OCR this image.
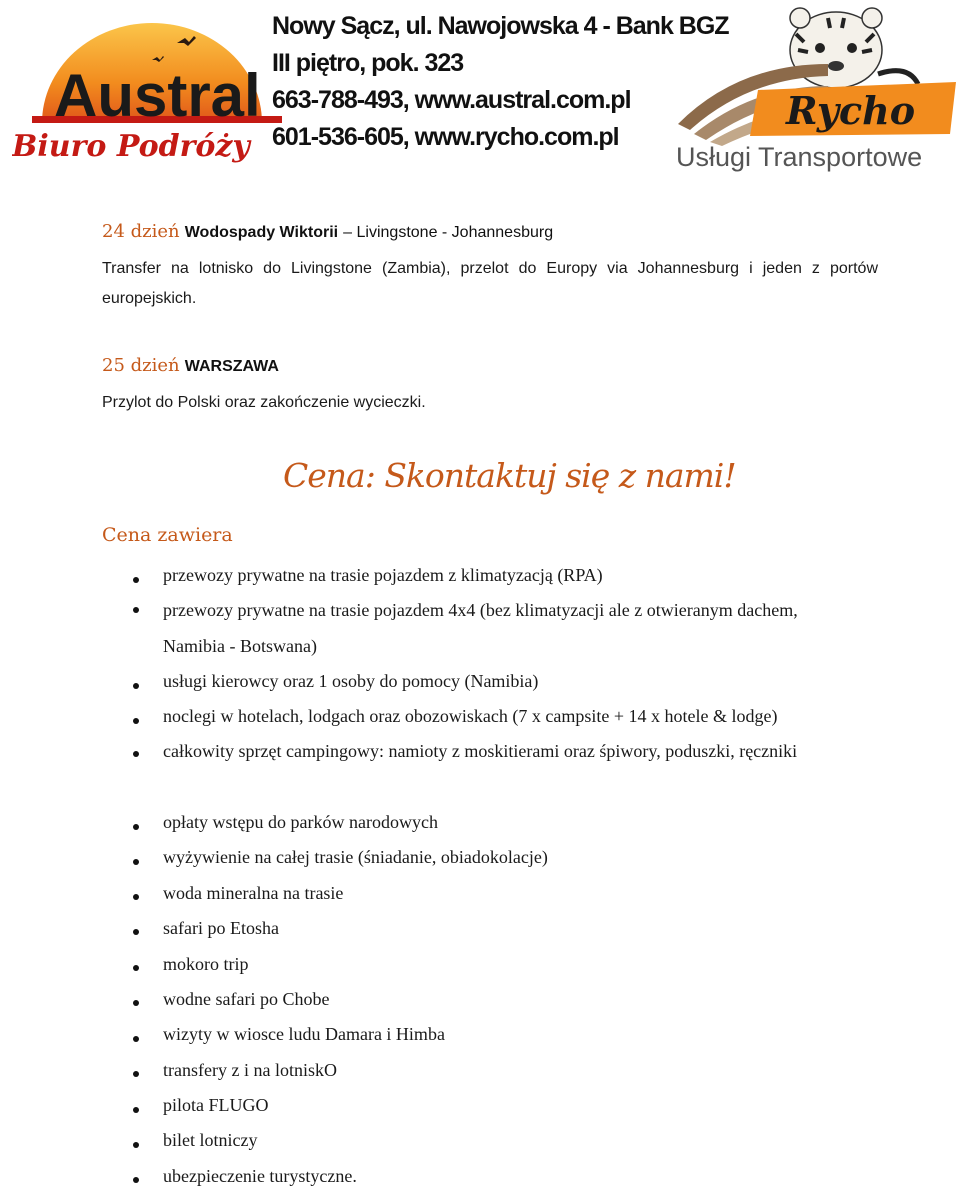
Austral
Biuro Podróży
Nowy Sącz, ul. Nawojowska 4 - Bank BGZ
III piętro, pok. 323
663-788-493, www.austral.com.pl
601-536-605, www.rycho.com.pl
Rycho
Usługi Transportowe
24 dzień Wodospady Wiktorii – Livingstone - Johannesburg
Transfer na lotnisko do Livingstone (Zambia), przelot do Europy via Johannesburg i jeden z portów europejskich.
25 dzień WARSZAWA
Przylot do Polski oraz zakończenie wycieczki.
Cena: Skontaktuj się z nami!
Cena zawiera
przewozy prywatne na trasie pojazdem z klimatyzacją (RPA)
przewozy prywatne na trasie pojazdem 4x4 (bez klimatyzacji ale z otwieranym dachem, Namibia - Botswana)
usługi kierowcy oraz 1 osoby do pomocy (Namibia)
noclegi w hotelach, lodgach oraz obozowiskach (7 x campsite + 14 x hotele & lodge)
całkowity sprzęt campingowy: namioty z moskitierami oraz śpiwory, poduszki, ręczniki
opłaty wstępu do parków narodowych
wyżywienie na całej trasie (śniadanie, obiadokolacje)
woda mineralna na trasie
safari po Etosha
mokoro trip
wodne safari po Chobe
wizyty w wiosce ludu Damara i Himba
transfery z i na lotniskO
pilota FLUGO
bilet lotniczy
ubezpieczenie turystyczne.
